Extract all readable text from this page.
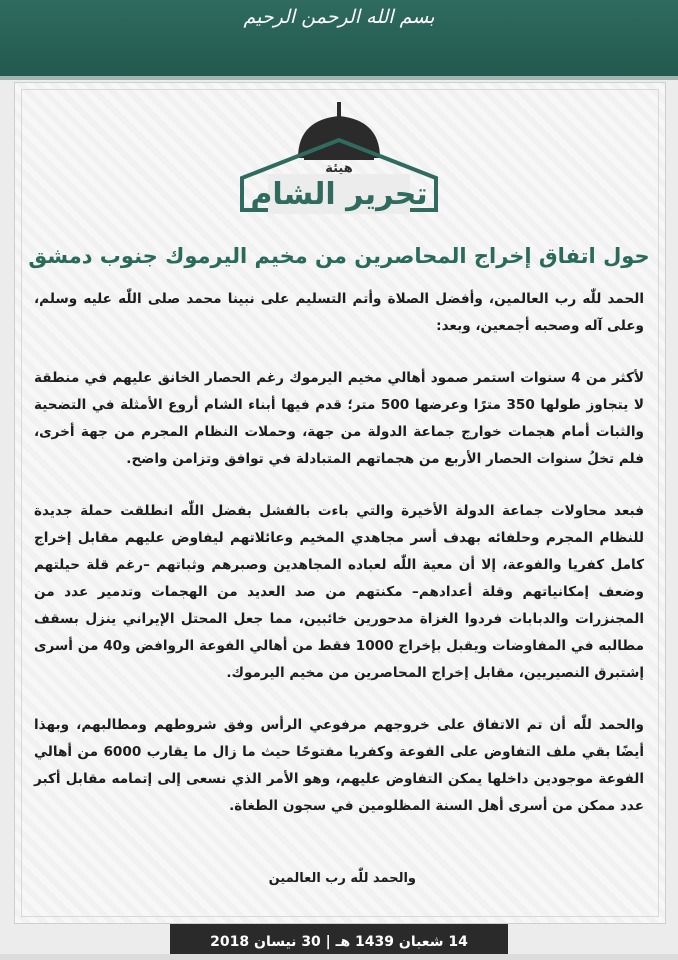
بسم الله الرحمن الرحيم
هيئة
تحرير الشام
حول اتفاق إخراج المحاصرين من مخيم اليرموك جنوب دمشق

الحمد للّٰه رب العالمين، وأفضل الصلاة وأتم التسليم على نبينا محمد صلى اللّٰه عليه وسلم، وعلى آله وصحبه أجمعين، وبعد:

لأكثر من 4 سنوات استمر صمود أهالي مخيم اليرموك رغم الحصار الخانق عليهم في منطقة لا يتجاوز طولها 350 مترًا وعرضها 500 متر؛ قدم فيها أبناء الشام أروع الأمثلة في التضحية والثبات أمام هجمات خوارج جماعة الدولة من جهة، وحملات النظام المجرم من جهة أخرى، فلم تخلُ سنوات الحصار الأربع من هجماتهم المتبادلة في توافق وتزامن واضح.

فبعد محاولات جماعة الدولة الأخيرة والتي باءت بالفشل بفضل اللّٰه انطلقت حملة جديدة للنظام المجرم وحلفائه بهدف أسر مجاهدي المخيم وعائلاتهم ليفاوض عليهم مقابل إخراج كامل كفريا والفوعة، إلا أن معية اللّٰه لعباده المجاهدين وصبرهم وثباتهم –رغم قلة حيلتهم وضعف إمكانياتهم وقلة أعدادهم– مكنتهم من صد العديد من الهجمات وتدمير عدد من المجنزرات والدبابات فردوا الغزاة مدحورين خائبين، مما جعل المحتل الإيراني ينزل بسقف مطالبه في المفاوضات ويقبل بإخراج 1000 فقط من أهالي الفوعة الروافض و40 من أسرى إشتبرق النصيريين، مقابل إخراج المحاصرين من مخيم اليرموك.

والحمد للّٰه أن تم الاتفاق على خروجهم مرفوعي الرأس وفق شروطهم ومطالبهم، وبهذا أيضًا بقي ملف التفاوض على الفوعة وكفريا مفتوحًا حيث ما زال ما يقارب 6000 من أهالي الفوعة موجودين داخلها يمكن التفاوض عليهم، وهو الأمر الذي نسعى إلى إتمامه مقابل أكبر عدد ممكن من أسرى أهل السنة المظلومين في سجون الطغاة.

والحمد للّٰه رب العالمين
14 شعبان 1439 هـ | 30 نيسان 2018
